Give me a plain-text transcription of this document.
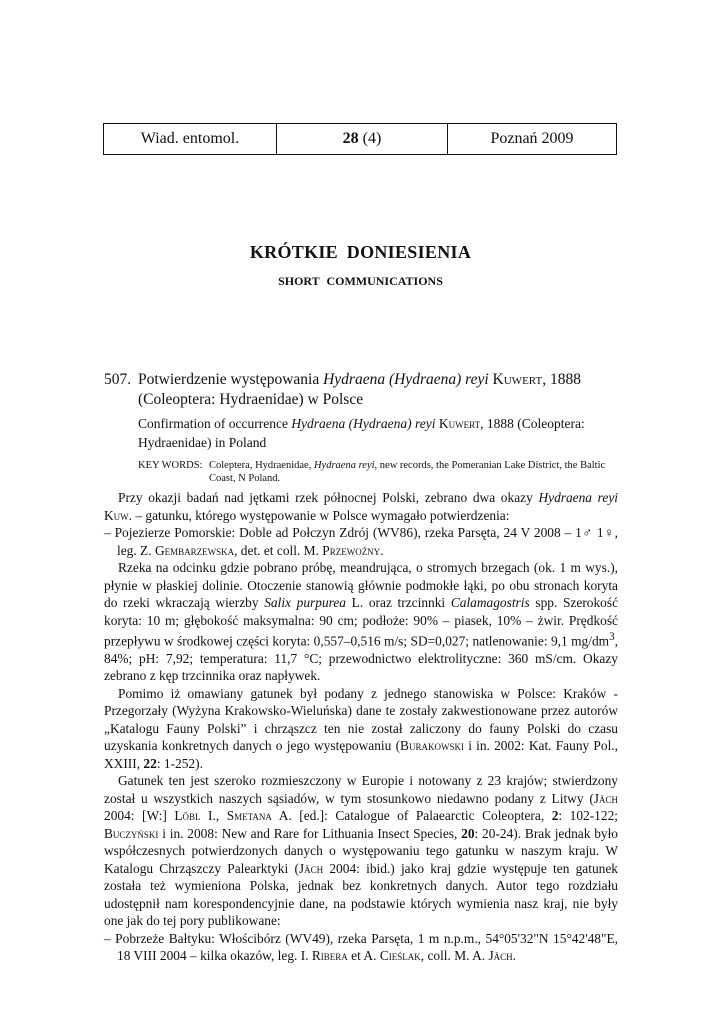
Wiad. entomol.	28 (4)	Poznań 2009
KRÓTKIE DONIESIENIA
SHORT COMMUNICATIONS
507. Potwierdzenie występowania Hydraena (Hydraena) reyi Kuwert, 1888 (Coleoptera: Hydraenidae) w Polsce
Confirmation of occurrence Hydraena (Hydraena) reyi Kuwert, 1888 (Coleoptera: Hydraenidae) in Poland
KEY WORDS: Coleptera, Hydraenidae, Hydraena reyi, new records, the Pomeranian Lake District, the Baltic Coast, N Poland.

Przy okazji badań nad jętkami rzek północnej Polski, zebrano dwa okazy Hydraena reyi Kuw. – gatunku, którego występowanie w Polsce wymagało potwierdzenia:

– Pojezierze Pomorskie: Doble ad Połczyn Zdrój (WV86), rzeka Parsęta, 24 V 2008 – 1♂ 1♀, leg. Z. Gembarzewska, det. et coll. M. Przewoźny.

Rzeka na odcinku gdzie pobrano próbę, meandrująca, o stromych brzegach (ok. 1 m wys.), płynie w płaskiej dolinie. Otoczenie stanowią głównie podmokłe łąki, po obu stronach koryta do rzeki wkraczają wierzby Salix purpurea L. oraz trzcinnki Calamagostris spp. Szerokość koryta: 10 m; głębokość maksymalna: 90 cm; podłoże: 90% – piasek, 10% – żwir. Prędkość przepływu w środkowej części koryta: 0,557–0,516 m/s; SD=0,027; natlenowanie: 9,1 $mg/dm^3$, 84%; pH: 7,92; temperatura: 11,7 °C; przewodnictwo elektrolityczne: 360 mS/cm. Okazy zebrano z kęp trzcinnika oraz napływek.

Pomimo iż omawiany gatunek był podany z jednego stanowiska w Polsce: Kraków - Przegorzały (Wyżyna Krakowsko-Wieluńska) dane te zostały zakwestionowane przez autorów „Katalogu Fauny Polski” i chrząszcz ten nie został zaliczony do fauny Polski do czasu uzyskania konkretnych danych o jego występowaniu (Burakowski i in. 2002: Kat. Fauny Pol., XXIII, 22: 1-252).

Gatunek ten jest szeroko rozmieszczony w Europie i notowany z 23 krajów; stwierdzony został u wszystkich naszych sąsiadów, w tym stosunkowo niedawno podany z Litwy (Jäch 2004: [W:] Löbl I., Smetana A. [ed.]: Catalogue of Palaearctic Coleoptera, 2: 102-122; Buczyński i in. 2008: New and Rare for Lithuania Insect Species, 20: 20-24). Brak jednak było współczesnych potwierdzonych danych o występowaniu tego gatunku w naszym kraju. W Katalogu Chrząszczy Palearktyki (Jäch 2004: ibid.) jako kraj gdzie występuje ten gatunek została też wymieniona Polska, jednak bez konkretnych danych. Autor tego rozdziału udostępnił nam korespondencyjnie dane, na podstawie których wymienia nasz kraj, nie były one jak do tej pory publikowane:

– Pobrzeże Bałtyku: Włościbórz (WV49), rzeka Parsęta, 1 m n.p.m., 54°05'32"N 15°42'48"E, 18 VIII 2004 – kilka okazów, leg. I. Ribera et A. Cieślak, coll. M. A. Jäch.
